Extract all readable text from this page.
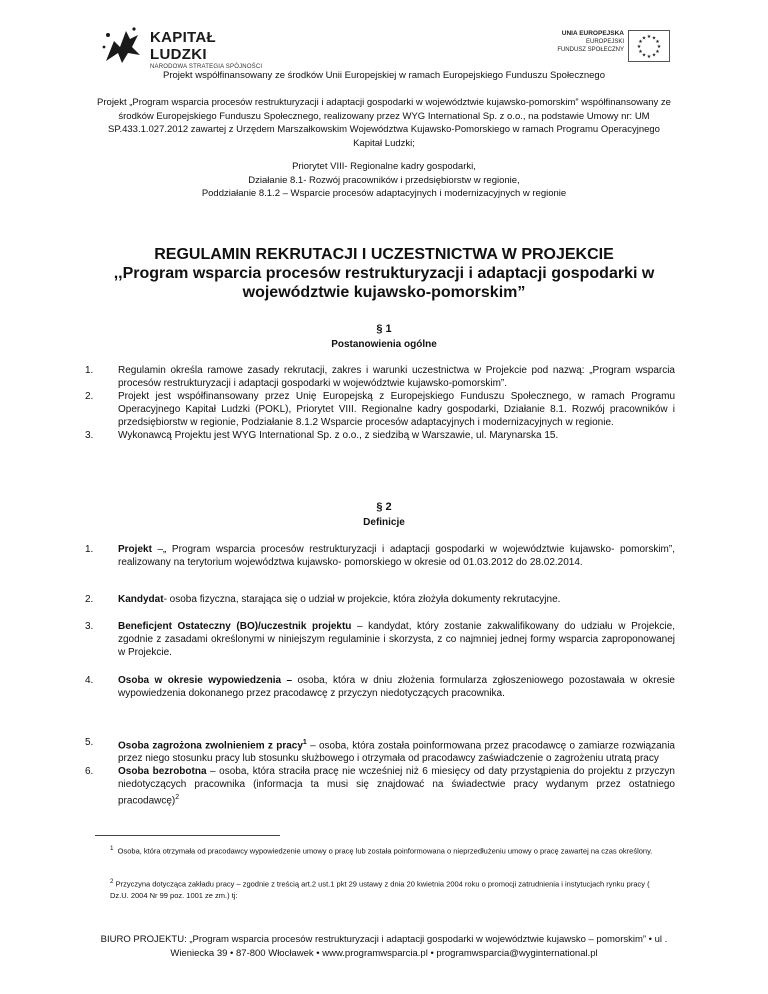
KAPITAŁ LUDZKI
NARODOWA STRATEGIA SPÓJNOŚCI
UNIA EUROPEJSKA
EUROPEJSKI
FUNDUSZ SPOŁECZNY
★ ★
★
★
★
★
★
★
★
★
★
★
Projekt współfinansowany ze środków Unii Europejskiej w ramach Europejskiego Funduszu Społecznego
Projekt „Program wsparcia procesów restrukturyzacji i adaptacji gospodarki w województwie kujawsko-pomorskim” współfinansowany ze środków Europejskiego Funduszu Społecznego, realizowany przez WYG International Sp. z o.o., na podstawie Umowy nr: UM SP.433.1.027.2012 zawartej z Urzędem Marszałkowskim Województwa Kujawsko-Pomorskiego w ramach Programu Operacyjnego Kapitał Ludzki;
Priorytet VIII- Regionalne kadry gospodarki,
Działanie 8.1- Rozwój pracowników i przedsiębiorstw w regionie,
Poddziałanie 8.1.2 – Wsparcie procesów adaptacyjnych i modernizacyjnych w regionie
REGULAMIN REKRUTACJI I UCZESTNICTWA W PROJEKCIE
,,Program wsparcia procesów restrukturyzacji i adaptacji gospodarki w województwie kujawsko-pomorskim”
§ 1
Postanowienia ogólne
1.	Regulamin określa ramowe zasady rekrutacji, zakres i warunki uczestnictwa w Projekcie pod nazwą: „Program wsparcia procesów restrukturyzacji i adaptacji gospodarki w województwie kujawsko-pomorskim”.
2.	Projekt jest współfinansowany przez Unię Europejską z Europejskiego Funduszu Społecznego, w ramach Programu Operacyjnego Kapitał Ludzki (POKL), Priorytet VIII. Regionalne kadry gospodarki, Działanie 8.1. Rozwój pracowników i przedsiębiorstw w regionie, Podziałanie 8.1.2 Wsparcie procesów adaptacyjnych i modernizacyjnych w regionie.
3.	Wykonawcą Projektu jest WYG International Sp. z o.o., z siedzibą w Warszawie, ul. Marynarska 15.
§ 2
Definicje
1.	Projekt –„ Program wsparcia procesów restrukturyzacji i adaptacji gospodarki w województwie kujawsko- pomorskim”, realizowany na terytorium województwa kujawsko- pomorskiego w okresie od 01.03.2012 do 28.02.2014.
2.	Kandydat- osoba fizyczna, starająca się o udział w projekcie, która złożyła dokumenty rekrutacyjne.
3.	Beneficjent Ostateczny (BO)/uczestnik projektu – kandydat, który zostanie zakwalifikowany do udziału w Projekcie, zgodnie z zasadami określonymi w niniejszym regulaminie i skorzysta, z co najmniej jednej formy wsparcia zaproponowanej w Projekcie.
4.	Osoba w okresie wypowiedzenia – osoba, która w dniu złożenia formularza zgłoszeniowego pozostawała w okresie wypowiedzenia dokonanego przez pracodawcę z przyczyn niedotyczących pracownika.
5.	Osoba zagrożona zwolnieniem z pracy$^1$ – osoba, która została poinformowana przez pracodawcę o zamiarze rozwiązania przez niego stosunku pracy lub stosunku służbowego i otrzymała od pracodawcy zaświadczenie o zagrożeniu utratą pracy
6.	Osoba bezrobotna – osoba, która straciła pracę nie wcześniej niż 6 miesięcy od daty przystąpienia do projektu z przyczyn niedotyczących pracownika (informacja ta musi się znajdować na świadectwie pracy wydanym przez ostatniego pracodawcę)$^2$
$^1$ Osoba, która otrzymała od pracodawcy wypowiedzenie umowy o pracę lub została poinformowana o nieprzedłużeniu umowy o pracę zawartej na czas określony.
$^2$ Przyczyna dotycząca zakładu pracy – zgodnie z treścią art.2 ust.1 pkt 29 ustawy z dnia 20 kwietnia 2004 roku o promocji zatrudnienia i instytucjach rynku pracy ( Dz.U. 2004 Nr 99 poz. 1001 ze zm.) tj:
BIURO PROJEKTU: „Program wsparcia procesów restrukturyzacji i adaptacji gospodarki w województwie kujawsko – pomorskim” • ul . Wieniecka 39 • 87-800 Włocławek • www.programwsparcia.pl • programwsparcia@wyginternational.pl
